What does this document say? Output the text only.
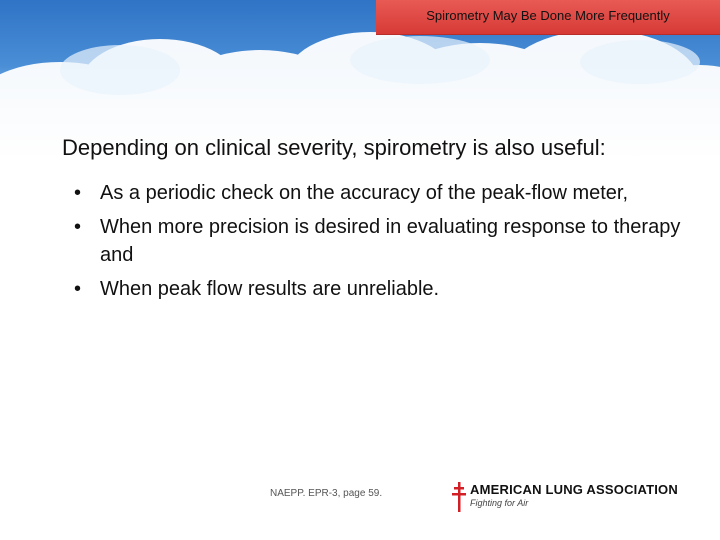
Spirometry May Be Done More Frequently

Depending on clinical severity, spirometry is also useful:

• As a periodic check on the accuracy of the peak-flow meter,
• When more precision is desired in evaluating response to therapy and
• When peak flow results are unreliable.
NAEPP. EPR-3, page 59.	AMERICAN LUNG ASSOCIATION
Fighting for Air
